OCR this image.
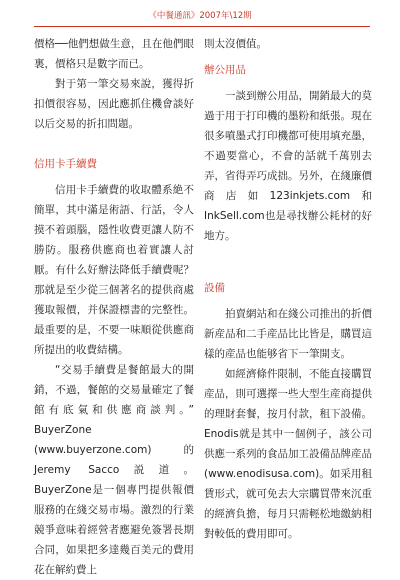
《中餐通訊》2007年\12期

價格──他們想做生意，且在他們眼裏，價格只是數字而已。

對于第一筆交易來說，獲得折扣價很容易，因此應抓住機會談好以后交易的折扣問題。

信用卡手續費

信用卡手續費的收取體系絶不簡單，其中滿是術語、行話，令人摸不着頭腦，隱性收費更讓人防不勝防。服務供應商也着實讓人討厭。有什么好辦法降低手續費呢？那就是至少從三個著名的提供商處獲取報價，并保證標書的完整性。最重要的是，不要一味順從供應商所提出的收費結構。

“交易手續費是餐館最大的開銷，不過，餐館的交易量確定了餐館有底氣和供應商談判。” BuyerZone (www.buyerzone.com)的Jeremy Sacco説道。BuyerZone是一個專門提供報價服務的在綫交易市場。激烈的行業競爭意味着經營者應避免簽署長期合同，如果把多達幾百美元的費用花在解約費上

則太沒價值。

辦公用品

一談到辦公用品，開銷最大的莫過于用于打印機的墨粉和紙張。現在很多噴墨式打印機都可使用填充墨，不過要當心，不會的話就千萬别去弄，省得弄巧成拙。另外，在綫廉價商店如123inkjets.com和InkSell.com也是尋找辦公耗材的好地方。

設備

拍賣網站和在綫公司推出的折價新産品和二手産品比比皆是，購買這樣的産品也能够省下一筆開支。

如經濟條件限制，不能直接購買産品，則可選擇一些大型生産商提供的理財套餐，按月付款，租下設備。Enodis就是其中一個例子，該公司供應一系列的食品加工設備品牌産品(www.enodisusa.com)。如采用租賃形式，就可免去大宗購買帶來沉重的經濟負擔，每月只需輕松地繳納相對較低的費用即可。
